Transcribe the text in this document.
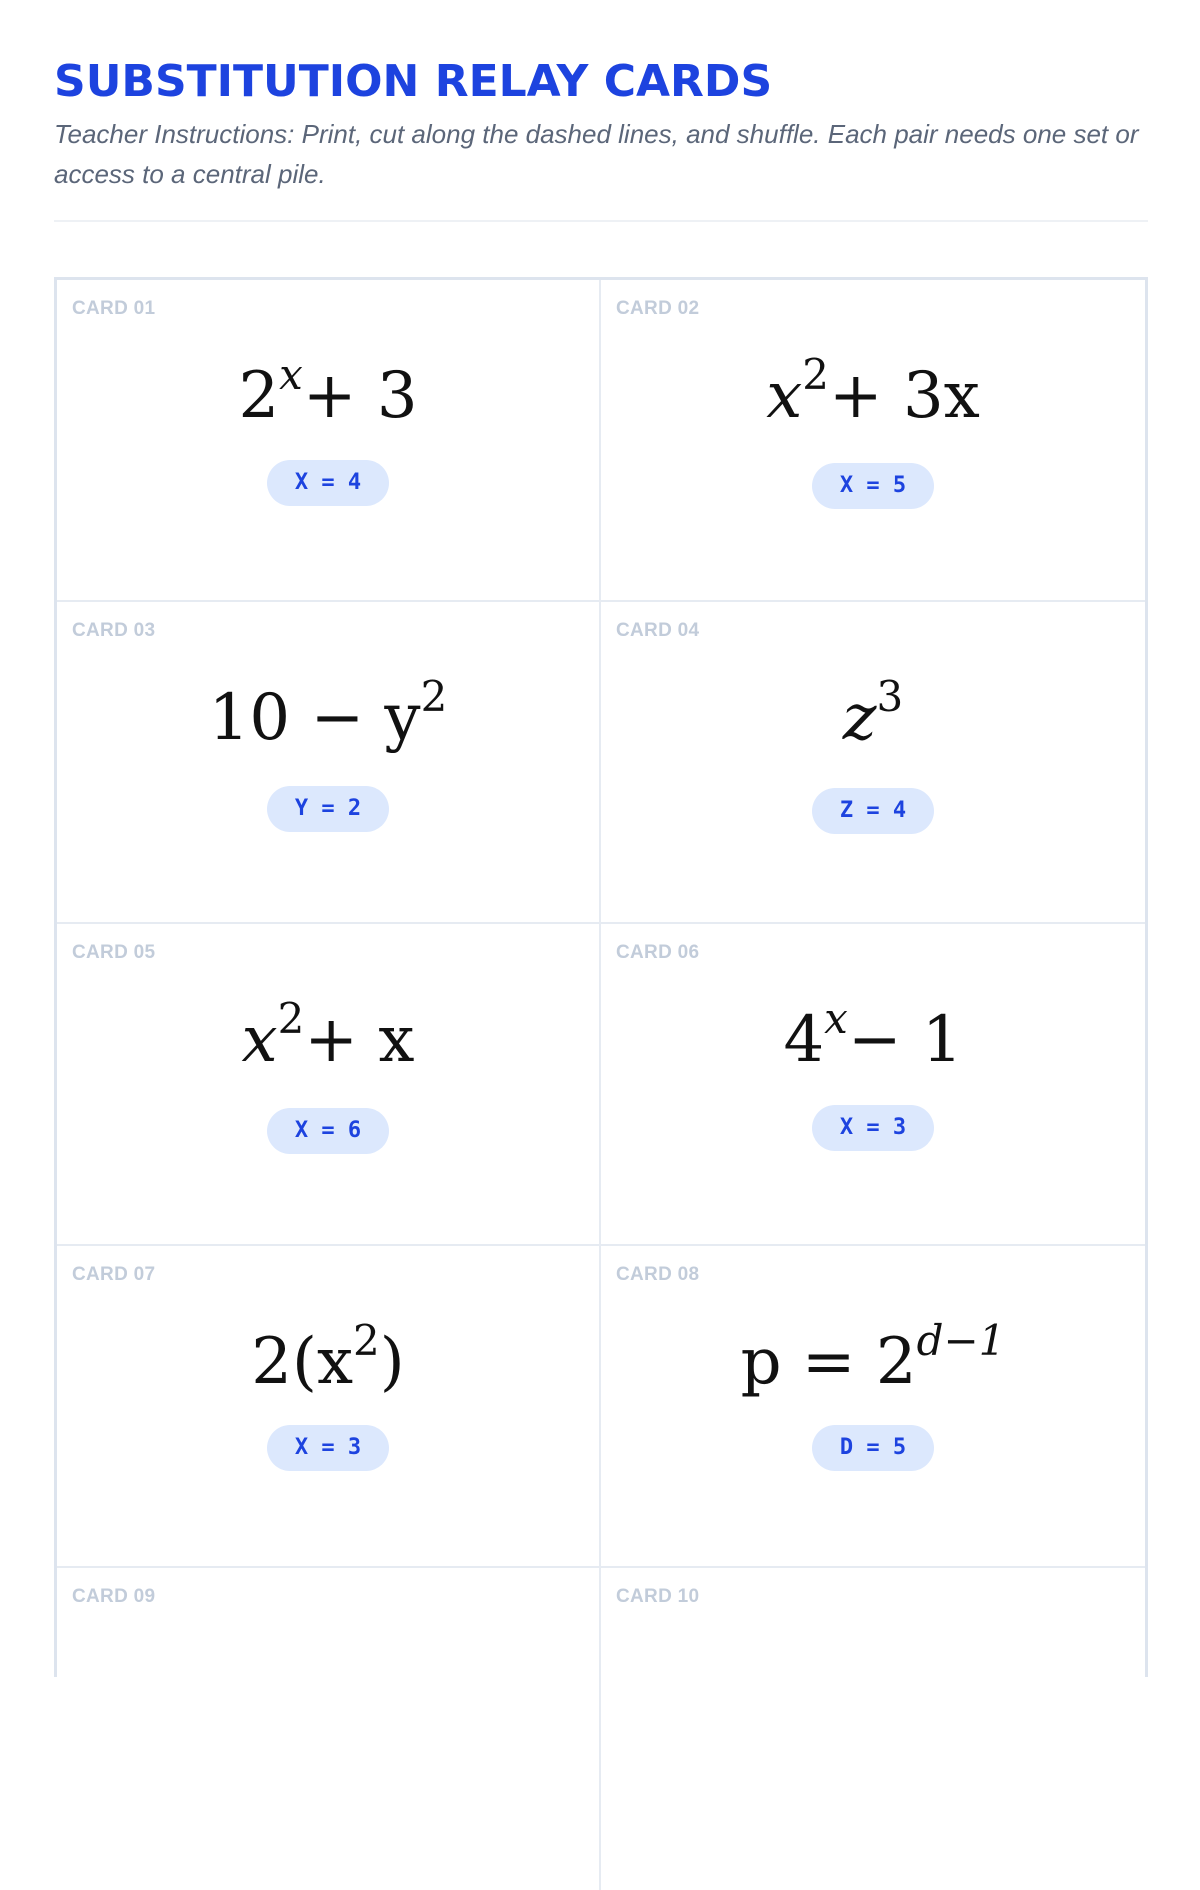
SUBSTITUTION RELAY CARDS

Teacher Instructions: Print, cut along the dashed lines, and shuffle. Each pair needs one set or access to a central pile.

CARD 01
$2^x+ 3$
X = 4
CARD 02
$x^2+ 3x$
X = 5
CARD 03
$10 - y^2$
Y = 2
CARD 04
$z^3$
Z = 4
CARD 05
$x^2+ x$
X = 6
CARD 06
$4^x- 1$
X = 3
CARD 07
$2(x^2)$
X = 3
CARD 08
$p = 2^{d-1}$
D = 5
CARD 09	CARD 10
